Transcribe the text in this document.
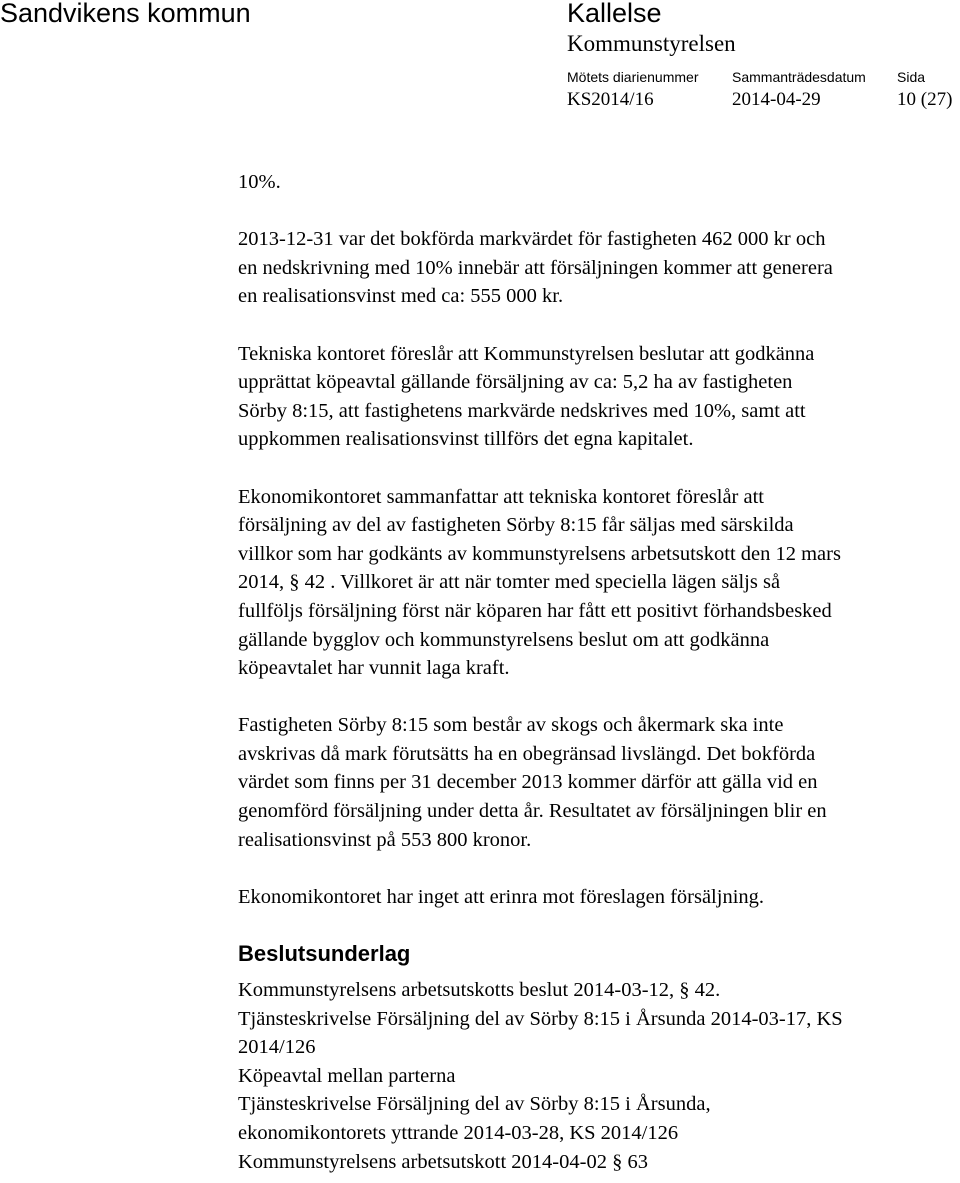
Sandvikens kommun	Kallelse
Kommunstyrelsen
Mötets diarienummer Sammanträdesdatum Sida
KS2014/16	2014-04-29	10 (27)

10%.

2013-12-31 var det bokförda markvärdet för fastigheten 462 000 kr och
en nedskrivning med 10% innebär att försäljningen kommer att generera
en realisationsvinst med ca: 555 000 kr.

Tekniska kontoret föreslår att Kommunstyrelsen beslutar att godkänna
upprättat köpeavtal gällande försäljning av ca: 5,2 ha av fastigheten
Sörby 8:15, att fastighetens markvärde nedskrives med 10%, samt att
uppkommen realisationsvinst tillförs det egna kapitalet.

Ekonomikontoret sammanfattar att tekniska kontoret föreslår att
försäljning av del av fastigheten Sörby 8:15 får säljas med särskilda
villkor som har godkänts av kommunstyrelsens arbetsutskott den 12 mars
2014, § 42 . Villkoret är att när tomter med speciella lägen säljs så
fullföljs försäljning först när köparen har fått ett positivt förhandsbesked
gällande bygglov och kommunstyrelsens beslut om att godkänna
köpeavtalet har vunnit laga kraft.

Fastigheten Sörby 8:15 som består av skogs och åkermark ska inte
avskrivas då mark förutsätts ha en obegränsad livslängd. Det bokförda
värdet som finns per 31 december 2013 kommer därför att gälla vid en
genomförd försäljning under detta år. Resultatet av försäljningen blir en
realisationsvinst på 553 800 kronor.

Ekonomikontoret har inget att erinra mot föreslagen försäljning.

Beslutsunderlag
Kommunstyrelsens arbetsutskotts beslut 2014-03-12, § 42.
Tjänsteskrivelse Försäljning del av Sörby 8:15 i Årsunda 2014-03-17, KS
2014/126
Köpeavtal mellan parterna
Tjänsteskrivelse Försäljning del av Sörby 8:15 i Årsunda,
ekonomikontorets yttrande 2014-03-28, KS 2014/126
Kommunstyrelsens arbetsutskott 2014-04-02 § 63
